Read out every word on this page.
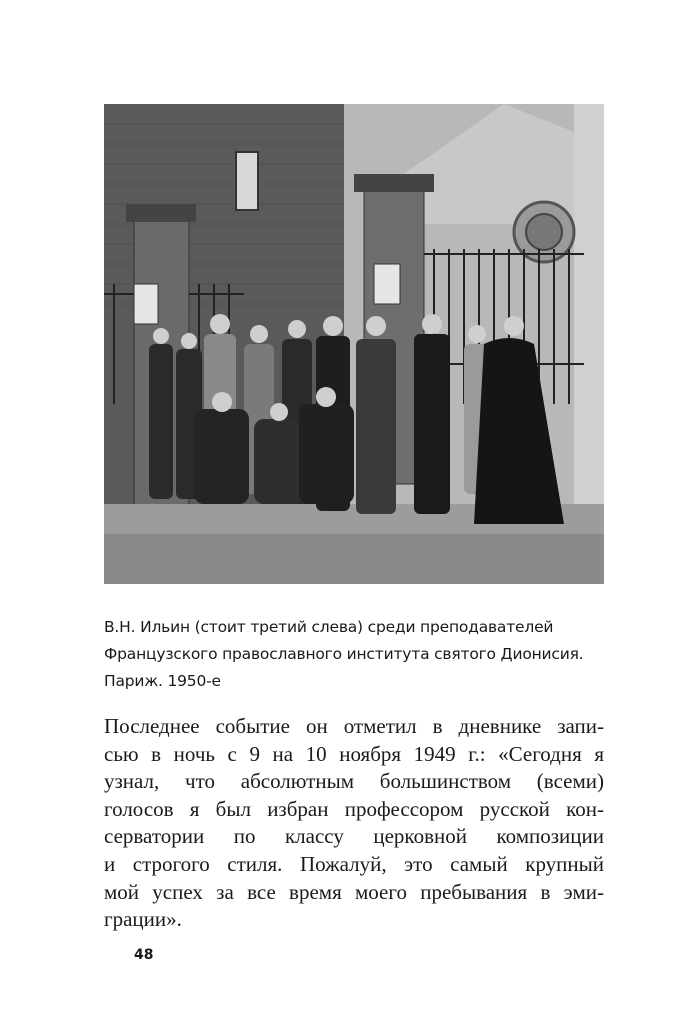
В.Н. Ильин (стоит третий слева) среди преподавателей
Французского православного института святого Дионисия.
Париж. 1950-е
Последнее событие он отметил в дневнике запи-
сью в ночь с 9 на 10 ноября 1949 г.: «Сегодня я
узнал, что абсолютным большинством (всеми)
голосов я был избран профессором русской кон-
серватории по классу церковной композиции
и строгого стиля. Пожалуй, это самый крупный
мой успех за все время моего пребывания в эми-
грации».
48
